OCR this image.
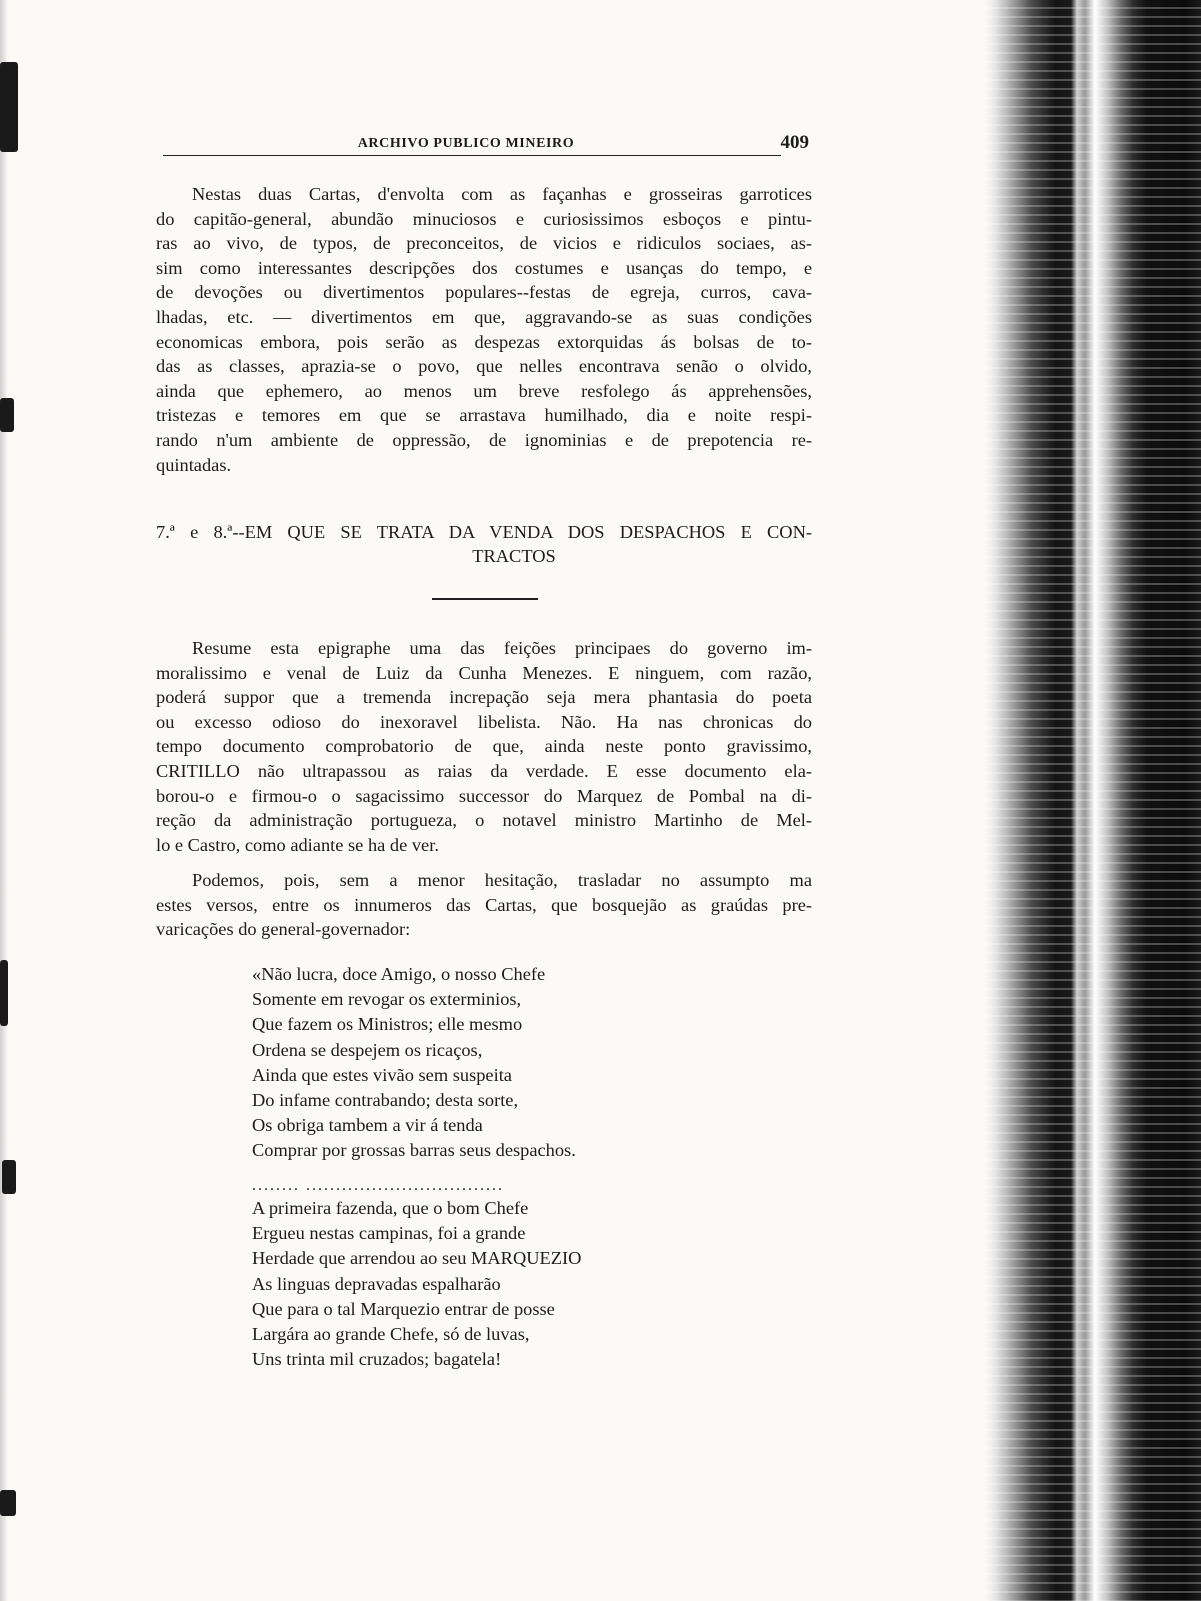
ARCHIVO PUBLICO MINEIRO	409
Nestas duas Cartas, d'envolta com as façanhas e grosseiras garrotices
do capitão-general, abundão minuciosos e curiosissimos esboços e pintu-
ras ao vivo, de typos, de preconceitos, de vicios e ridiculos sociaes, as-
sim como interessantes descripções dos costumes e usanças do tempo, e
de devoções ou divertimentos populares--festas de egreja, curros, cava-
lhadas, etc. — divertimentos em que, aggravando-se as suas condições
economicas embora, pois serão as despezas extorquidas ás bolsas de to-
das as classes, aprazia-se o povo, que nelles encontrava senão o olvido,
ainda que ephemero, ao menos um breve resfolego ás apprehensões,
tristezas e temores em que se arrastava humilhado, dia e noite respi-
rando n'um ambiente de oppressão, de ignominias e de prepotencia re-
quintadas.
7.ª e 8.ª--EM QUE SE TRATA DA VENDA DOS DESPACHOS E CON-
TRACTOS
Resume esta epigraphe uma das feições principaes do governo im-
moralissimo e venal de Luiz da Cunha Menezes. E ninguem, com razão,
poderá suppor que a tremenda increpação seja mera phantasia do poeta
ou excesso odioso do inexoravel libelista. Não. Ha nas chronicas do
tempo documento comprobatorio de que, ainda neste ponto gravissimo,
CRITILLO não ultrapassou as raias da verdade. E esse documento ela-
borou-o e firmou-o o sagacissimo successor do Marquez de Pombal na di-
reção da administração portugueza, o notavel ministro Martinho de Mel-
lo e Castro, como adiante se ha de ver.
Podemos, pois, sem a menor hesitação, trasladar no assumpto ma
estes versos, entre os innumeros das Cartas, que bosquejão as graúdas pre-
varicações do general-governador:
«Não lucra, doce Amigo, o nosso Chefe
Somente em revogar os exterminios,
Que fazem os Ministros; elle mesmo
Ordena se despejem os ricaços,
Ainda que estes vivão sem suspeita
Do infame contrabando; desta sorte,
Os obriga tambem a vir á tenda
Comprar por grossas barras seus despachos.
........ .................................
A primeira fazenda, que o bom Chefe
Ergueu nestas campinas, foi a grande
Herdade que arrendou ao seu MARQUEZIO
As linguas depravadas espalharão
Que para o tal Marquezio entrar de posse
Largára ao grande Chefe, só de luvas,
Uns trinta mil cruzados; bagatela!
